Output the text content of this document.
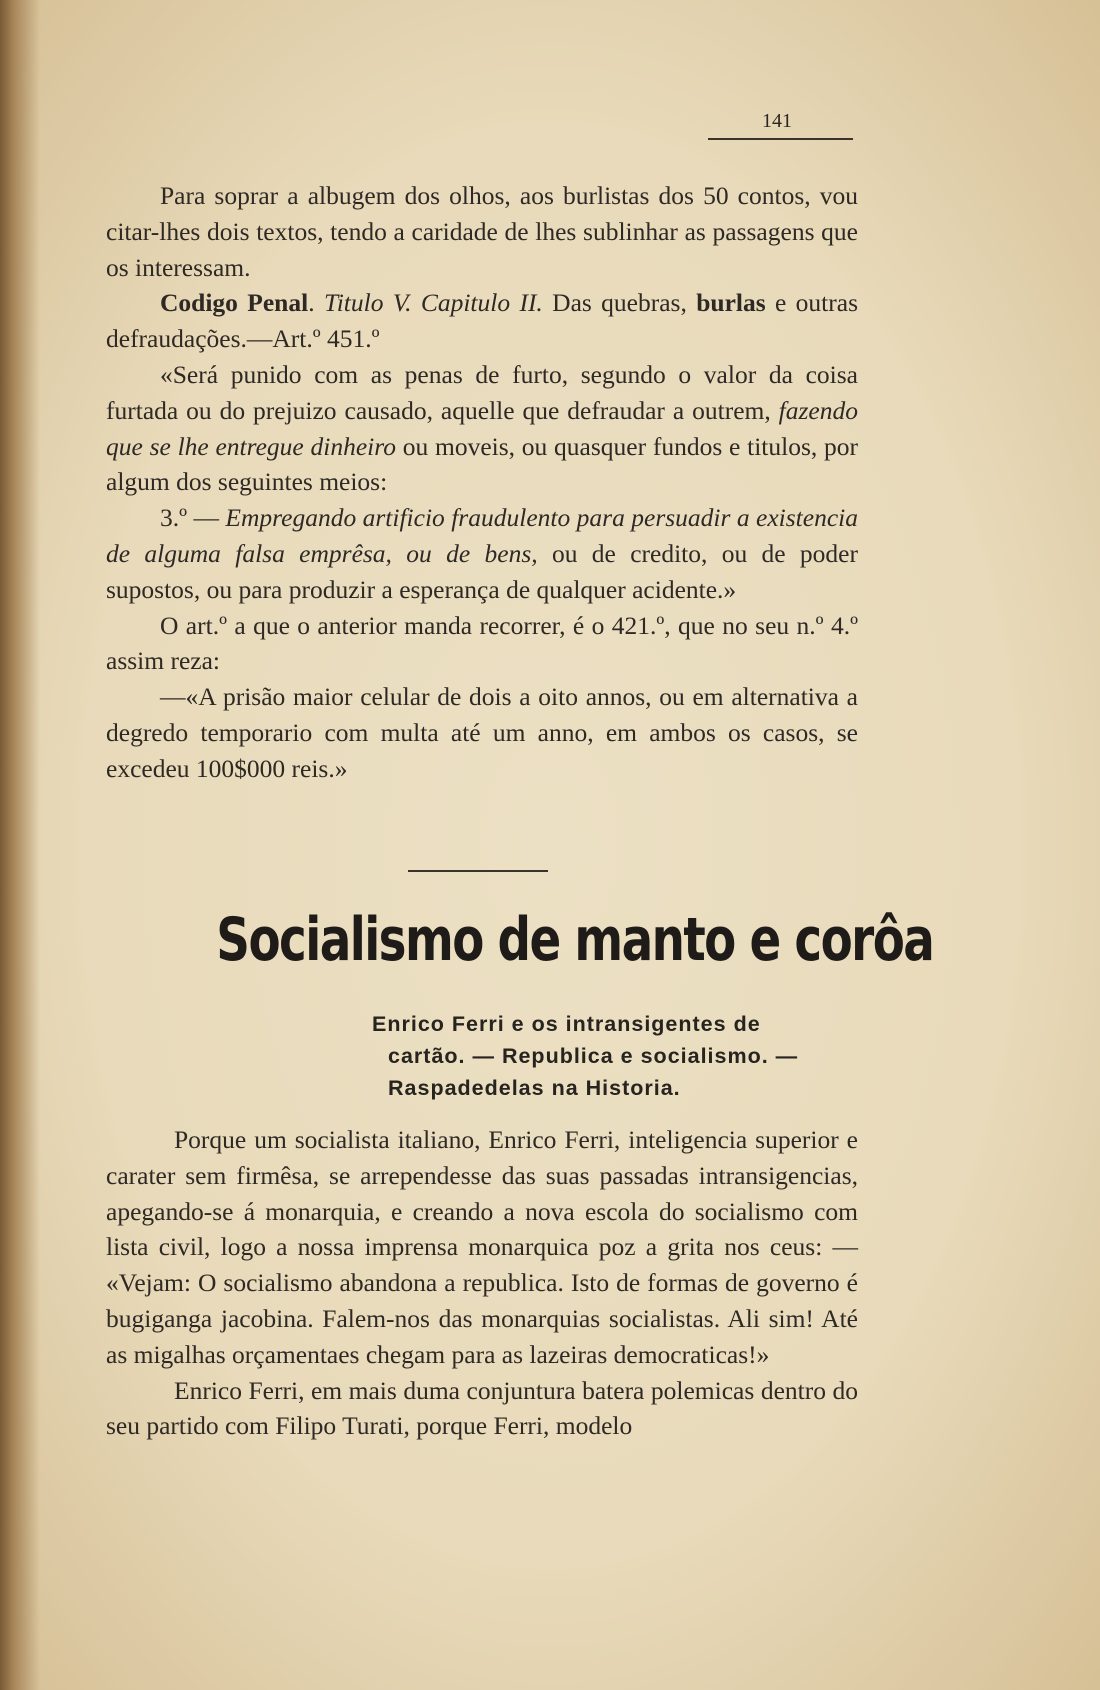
141

Para soprar a albugem dos olhos, aos burlistas dos 50 contos, vou citar-lhes dois textos, tendo a caridade de lhes sublinhar as passagens que os interessam.

Codigo Penal. Titulo V. Capitulo II. Das quebras, burlas e outras defraudações.—Art.º 451.º

«Será punido com as penas de furto, segundo o valor da coisa furtada ou do prejuizo causado, aquelle que defraudar a outrem, fazendo que se lhe entregue dinheiro ou moveis, ou quasquer fundos e titulos, por algum dos seguintes meios:

3.º — Empregando artificio fraudulento para persuadir a existencia de alguma falsa emprêsa, ou de bens, ou de credito, ou de poder supostos, ou para produzir a esperança de qualquer acidente.»

O art.º a que o anterior manda recorrer, é o 421.º, que no seu n.º 4.º assim reza:

—«A prisão maior celular de dois a oito annos, ou em alternativa a degredo temporario com multa até um anno, em ambos os casos, se excedeu 100$000 reis.»

Socialismo de manto e corôa
Enrico Ferri e os intransigentes de
cartão. — Republica e socialismo. —
Raspadedelas na Historia.

Porque um socialista italiano, Enrico Ferri, inteligencia superior e carater sem firmêsa, se arrependesse das suas passadas intransigencias, apegando-se á monarquia, e creando a nova escola do socialismo com lista civil, logo a nossa imprensa monarquica poz a grita nos ceus: — «Vejam: O socialismo abandona a republica. Isto de formas de governo é bugiganga jacobina. Falem-nos das monarquias socialistas. Ali sim! Até as migalhas orçamentaes chegam para as lazeiras democraticas!»

Enrico Ferri, em mais duma conjuntura batera polemicas dentro do seu partido com Filipo Turati, porque Ferri, modelo
